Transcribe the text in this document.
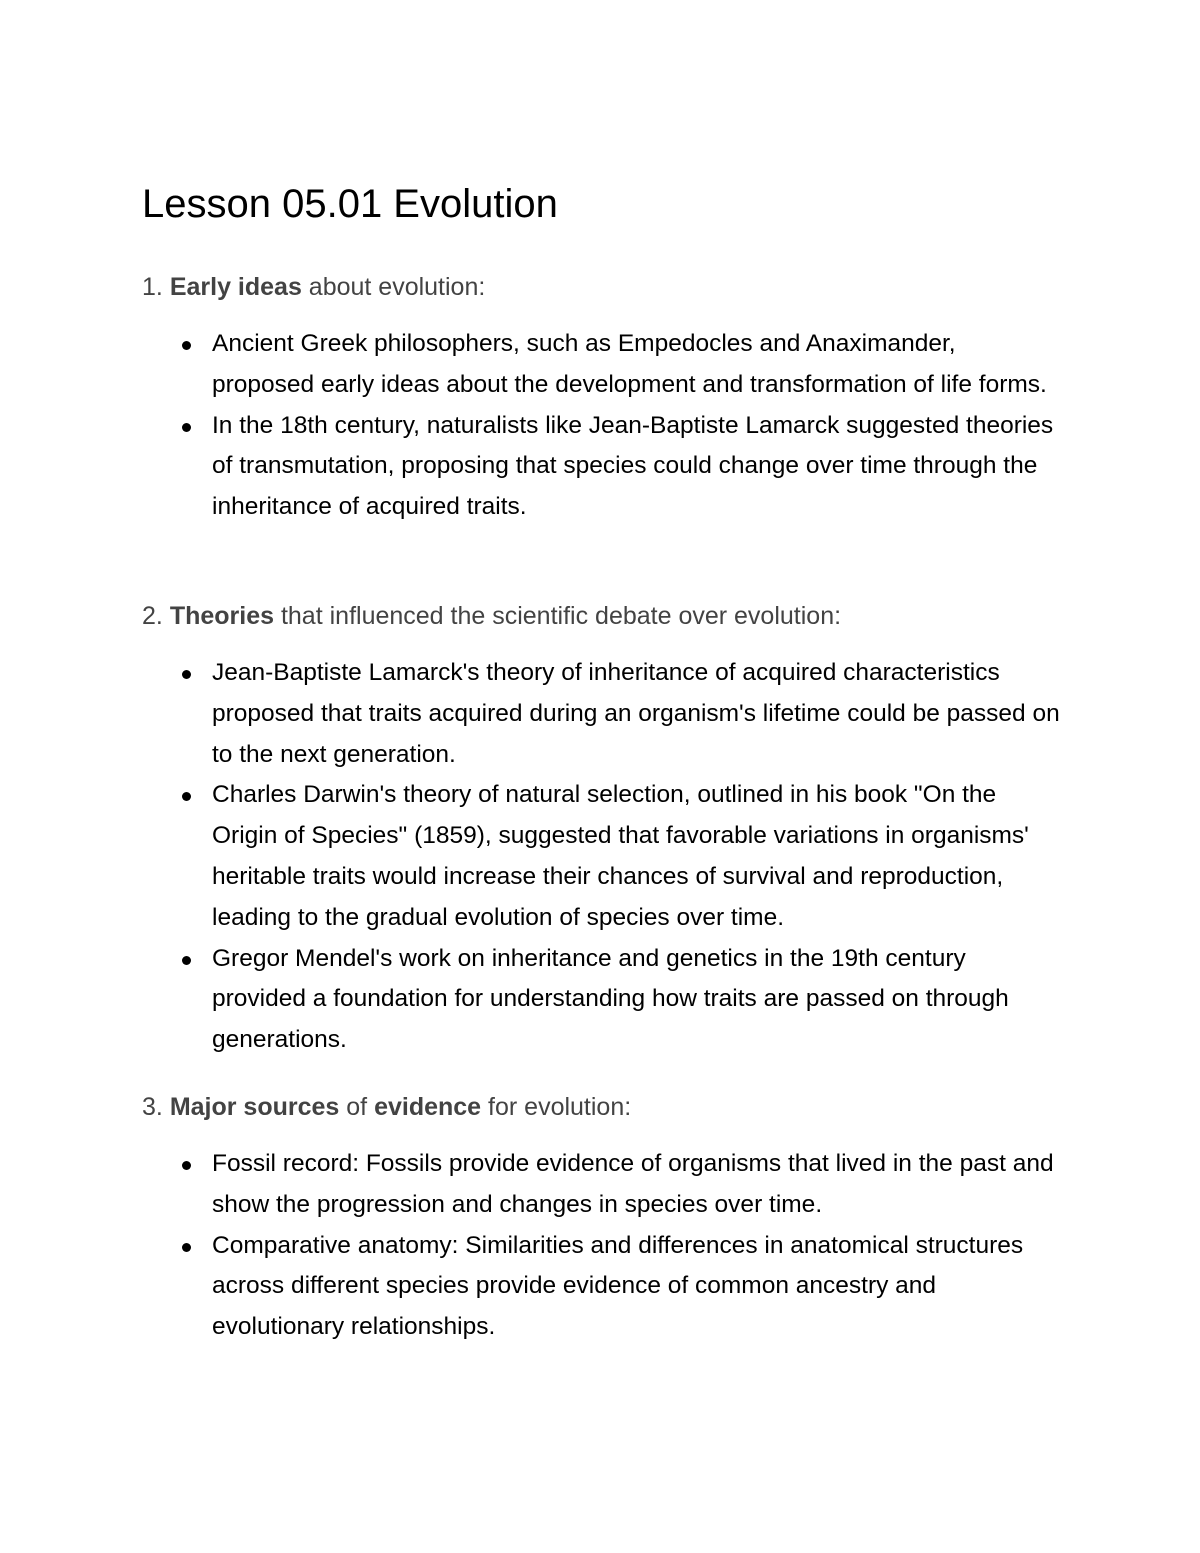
Lesson 05.01 Evolution
1. Early ideas about evolution:
Ancient Greek philosophers, such as Empedocles and Anaximander, proposed early ideas about the development and transformation of life forms.
In the 18th century, naturalists like Jean-Baptiste Lamarck suggested theories of transmutation, proposing that species could change over time through the inheritance of acquired traits.
2. Theories that influenced the scientific debate over evolution:
Jean-Baptiste Lamarck's theory of inheritance of acquired characteristics proposed that traits acquired during an organism's lifetime could be passed on to the next generation.
Charles Darwin's theory of natural selection, outlined in his book "On the Origin of Species" (1859), suggested that favorable variations in organisms' heritable traits would increase their chances of survival and reproduction, leading to the gradual evolution of species over time.
Gregor Mendel's work on inheritance and genetics in the 19th century provided a foundation for understanding how traits are passed on through generations.
3. Major sources of evidence for evolution:
Fossil record: Fossils provide evidence of organisms that lived in the past and show the progression and changes in species over time.
Comparative anatomy: Similarities and differences in anatomical structures across different species provide evidence of common ancestry and evolutionary relationships.
